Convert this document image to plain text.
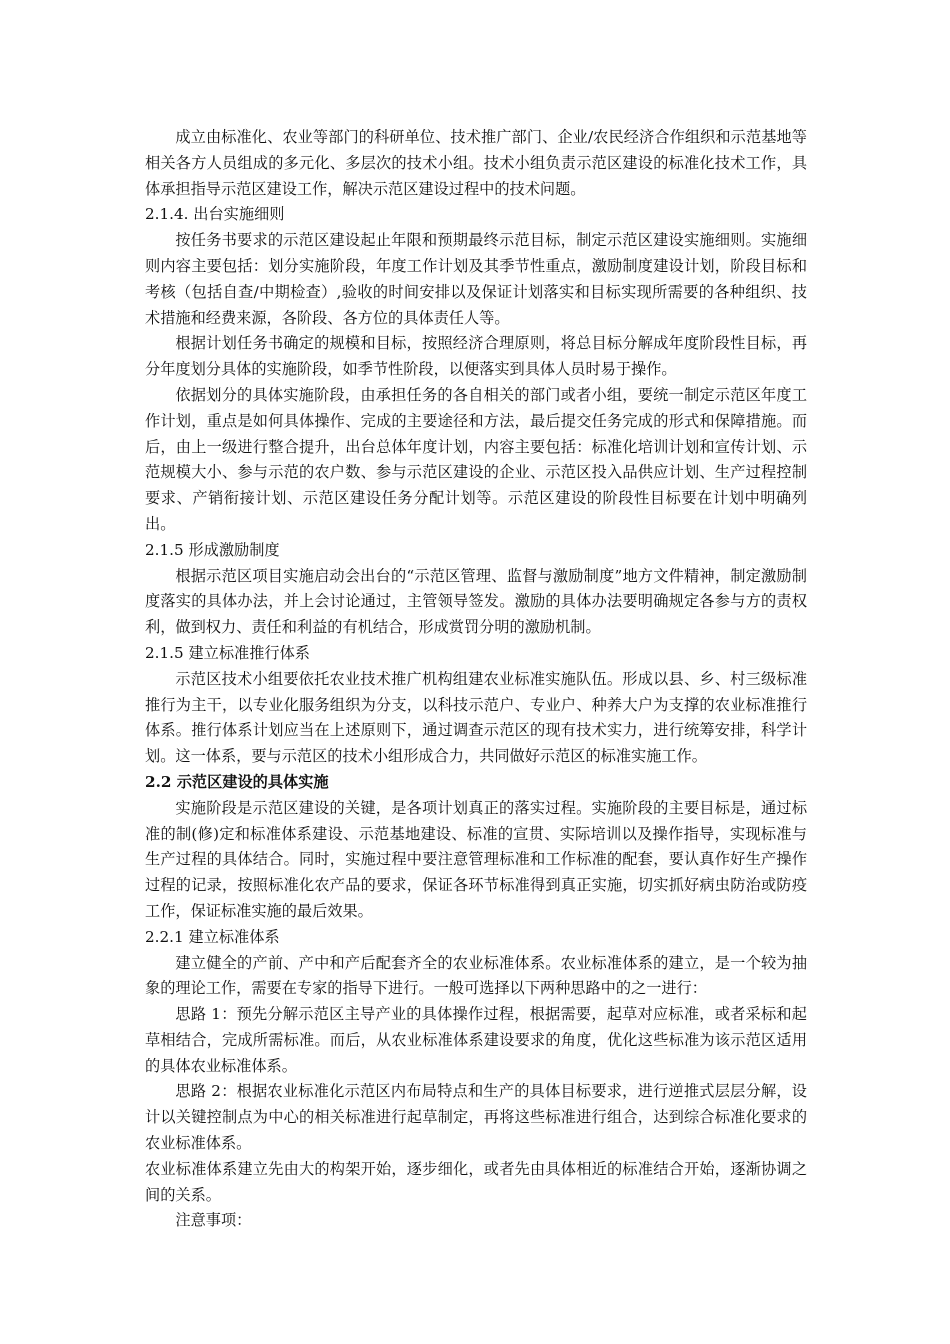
成立由标准化、农业等部门的科研单位、技术推广部门、企业/农民经济合作组织和示范基地等相关各方人员组成的多元化、多层次的技术小组。技术小组负责示范区建设的标准化技术工作，具体承担指导示范区建设工作，解决示范区建设过程中的技术问题。

2.1.4. 出台实施细则

按任务书要求的示范区建设起止年限和预期最终示范目标，制定示范区建设实施细则。实施细则内容主要包括：划分实施阶段，年度工作计划及其季节性重点，激励制度建设计划，阶段目标和考核（包括自查/中期检查）,验收的时间安排以及保证计划落实和目标实现所需要的各种组织、技术措施和经费来源，各阶段、各方位的具体责任人等。

根据计划任务书确定的规模和目标，按照经济合理原则，将总目标分解成年度阶段性目标，再分年度划分具体的实施阶段，如季节性阶段，以便落实到具体人员时易于操作。

依据划分的具体实施阶段，由承担任务的各自相关的部门或者小组，要统一制定示范区年度工作计划，重点是如何具体操作、完成的主要途径和方法，最后提交任务完成的形式和保障措施。而后，由上一级进行整合提升，出台总体年度计划，内容主要包括：标准化培训计划和宣传计划、示范规模大小、参与示范的农户数、参与示范区建设的企业、示范区投入品供应计划、生产过程控制要求、产销衔接计划、示范区建设任务分配计划等。示范区建设的阶段性目标要在计划中明确列出。

2.1.5 形成激励制度

根据示范区项目实施启动会出台的“示范区管理、监督与激励制度”地方文件精神，制定激励制度落实的具体办法，并上会讨论通过，主管领导签发。激励的具体办法要明确规定各参与方的责权利，做到权力、责任和利益的有机结合，形成赏罚分明的激励机制。

2.1.5 建立标准推行体系

示范区技术小组要依托农业技术推广机构组建农业标准实施队伍。形成以县、乡、村三级标准推行为主干，以专业化服务组织为分支，以科技示范户、专业户、种养大户为支撑的农业标准推行体系。推行体系计划应当在上述原则下，通过调查示范区的现有技术实力，进行统筹安排，科学计划。这一体系，要与示范区的技术小组形成合力，共同做好示范区的标准实施工作。

2.2 示范区建设的具体实施

实施阶段是示范区建设的关键，是各项计划真正的落实过程。实施阶段的主要目标是，通过标准的制(修)定和标准体系建设、示范基地建设、标准的宣贯、实际培训以及操作指导，实现标准与生产过程的具体结合。同时，实施过程中要注意管理标准和工作标准的配套，要认真作好生产操作过程的记录，按照标准化农产品的要求，保证各环节标准得到真正实施，切实抓好病虫防治或防疫工作，保证标准实施的最后效果。

2.2.1 建立标准体系

建立健全的产前、产中和产后配套齐全的农业标准体系。农业标准体系的建立，是一个较为抽象的理论工作，需要在专家的指导下进行。一般可选择以下两种思路中的之一进行：

思路 1：预先分解示范区主导产业的具体操作过程，根据需要，起草对应标准，或者采标和起草相结合，完成所需标准。而后，从农业标准体系建设要求的角度，优化这些标准为该示范区适用的具体农业标准体系。

思路 2：根据农业标准化示范区内布局特点和生产的具体目标要求，进行逆推式层层分解，设计以关键控制点为中心的相关标准进行起草制定，再将这些标准进行组合，达到综合标准化要求的农业标准体系。

农业标准体系建立先由大的构架开始，逐步细化，或者先由具体相近的标准结合开始，逐渐协调之间的关系。

注意事项：
